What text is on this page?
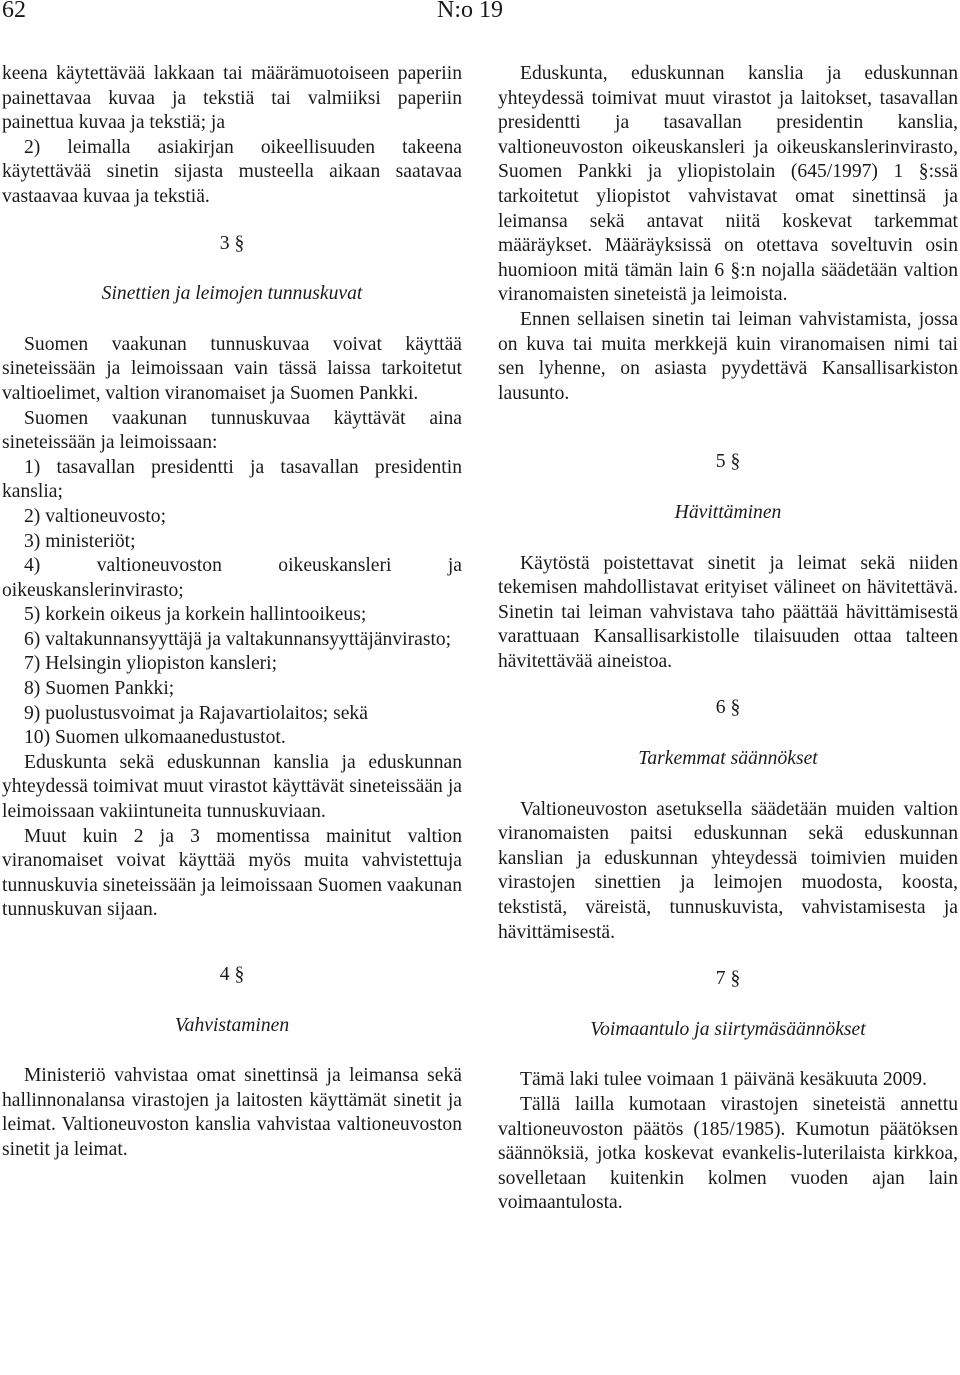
62	N:o 19

keena käytettävää lakkaan tai määrämuotoiseen paperiin painettavaa kuvaa ja tekstiä tai valmiiksi paperiin painettua kuvaa ja tekstiä; ja

2) leimalla asiakirjan oikeellisuuden takeena käytettävää sinetin sijasta musteella aikaan saatavaa vastaavaa kuvaa ja tekstiä.

3 §
Sinettien ja leimojen tunnuskuvat

Suomen vaakunan tunnuskuvaa voivat käyttää sineteissään ja leimoissaan vain tässä laissa tarkoitetut valtioelimet, valtion viranomaiset ja Suomen Pankki.

Suomen vaakunan tunnuskuvaa käyttävät aina sineteissään ja leimoissaan:

1) tasavallan presidentti ja tasavallan presidentin kanslia;

2) valtioneuvosto;

3) ministeriöt;

4) valtioneuvoston oikeuskansleri ja oikeuskanslerinvirasto;

5) korkein oikeus ja korkein hallintooikeus;

6) valtakunnansyyttäjä ja valtakunnansyyttäjänvirasto;

7) Helsingin yliopiston kansleri;

8) Suomen Pankki;

9) puolustusvoimat ja Rajavartiolaitos; sekä

10) Suomen ulkomaanedustustot.

Eduskunta sekä eduskunnan kanslia ja eduskunnan yhteydessä toimivat muut virastot käyttävät sineteissään ja leimoissaan vakiintuneita tunnuskuviaan.

Muut kuin 2 ja 3 momentissa mainitut valtion viranomaiset voivat käyttää myös muita vahvistettuja tunnuskuvia sineteissään ja leimoissaan Suomen vaakunan tunnuskuvan sijaan.

4 §
Vahvistaminen

Ministeriö vahvistaa omat sinettinsä ja leimansa sekä hallinnonalansa virastojen ja laitosten käyttämät sinetit ja leimat. Valtioneuvoston kanslia vahvistaa valtioneuvoston sinetit ja leimat.

Eduskunta, eduskunnan kanslia ja eduskunnan yhteydessä toimivat muut virastot ja laitokset, tasavallan presidentti ja tasavallan presidentin kanslia, valtioneuvoston oikeuskansleri ja oikeuskanslerinvirasto, Suomen Pankki ja yliopistolain (645/1997) 1 §:ssä tarkoitetut yliopistot vahvistavat omat sinettinsä ja leimansa sekä antavat niitä koskevat tarkemmat määräykset. Määräyksissä on otettava soveltuvin osin huomioon mitä tämän lain 6 §:n nojalla säädetään valtion viranomaisten sineteistä ja leimoista.

Ennen sellaisen sinetin tai leiman vahvistamista, jossa on kuva tai muita merkkejä kuin viranomaisen nimi tai sen lyhenne, on asiasta pyydettävä Kansallisarkiston lausunto.

5 §
Hävittäminen

Käytöstä poistettavat sinetit ja leimat sekä niiden tekemisen mahdollistavat erityiset välineet on hävitettävä. Sinetin tai leiman vahvistava taho päättää hävittämisestä varattuaan Kansallisarkistolle tilaisuuden ottaa talteen hävitettävää aineistoa.

6 §
Tarkemmat säännökset

Valtioneuvoston asetuksella säädetään muiden valtion viranomaisten paitsi eduskunnan sekä eduskunnan kanslian ja eduskunnan yhteydessä toimivien muiden virastojen sinettien ja leimojen muodosta, koosta, tekstistä, väreistä, tunnuskuvista, vahvistamisesta ja hävittämisestä.

7 §
Voimaantulo ja siirtymäsäännökset

Tämä laki tulee voimaan 1 päivänä kesäkuuta 2009.

Tällä lailla kumotaan virastojen sineteistä annettu valtioneuvoston päätös (185/1985). Kumotun päätöksen säännöksiä, jotka koskevat evankelis-luterilaista kirkkoa, sovelletaan kuitenkin kolmen vuoden ajan lain voimaantulosta.
